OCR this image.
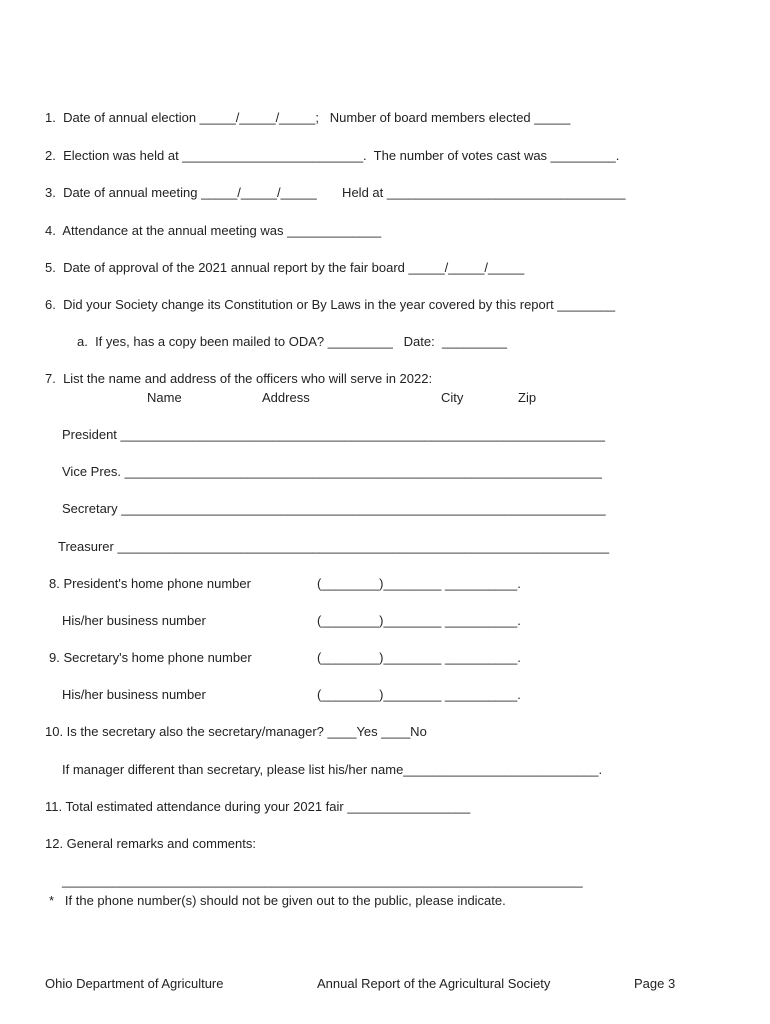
1.  Date of annual election _____/_____/_____;   Number of board members elected _____
2.  Election was held at _________________________.  The number of votes cast was _________.
3.  Date of annual meeting _____/_____/_____       Held at _________________________________
4.  Attendance at the annual meeting was _____________
5.  Date of approval of the 2021 annual report by the fair board _____/_____/_____
6.  Did your Society change its Constitution or By Laws in the year covered by this report ________
a.  If yes, has a copy been mailed to ODA? _________   Date:  _________
7.  List the name and address of the officers who will serve in 2022:
Name	Address	City	Zip
President ___________________________________________________________________
Vice Pres. __________________________________________________________________
Secretary ___________________________________________________________________
Treasurer ____________________________________________________________________
8. President's home phone number	(________)________ __________.
His/her business number	(________)________ __________.
9. Secretary's home phone number	(________)________ __________.
His/her business number	(________)________ __________.
10. Is the secretary also the secretary/manager? ____Yes ____No
If manager different than secretary, please list his/her name___________________________.
11. Total estimated attendance during your 2021 fair _________________
12. General remarks and comments:
________________________________________________________________________
*   If the phone number(s) should not be given out to the public, please indicate.
Ohio Department of Agriculture	Annual Report of the Agricultural Society	Page 3
